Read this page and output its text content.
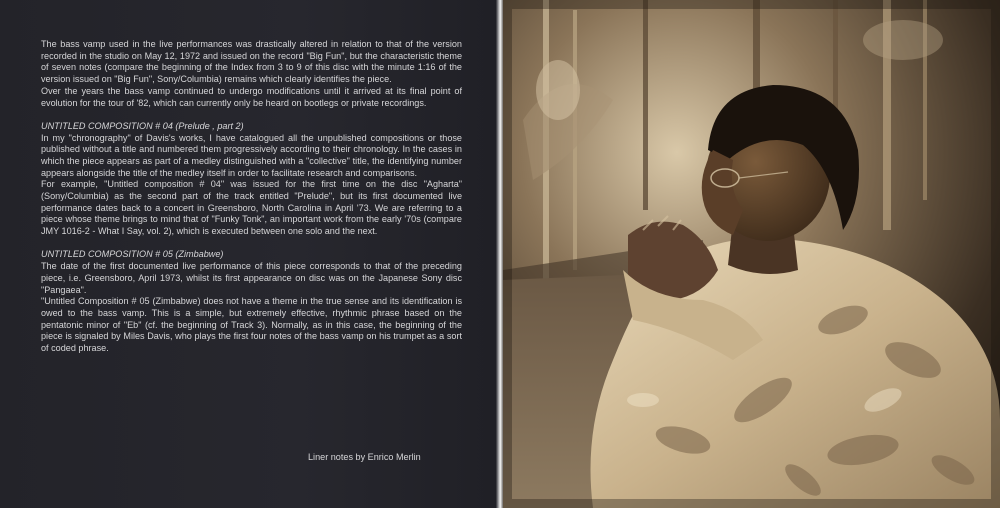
The bass vamp used in the live performances was drastically altered in relation to that of the version recorded in the studio on May 12, 1972 and issued on the record "Big Fun", but the characteristic theme of seven notes (compare the beginning of the Index from 3 to 9 of this disc with the minute 1:16 of the version issued on "Big Fun", Sony/Columbia) remains which clearly identifies the piece.

Over the years the bass vamp continued to undergo modifications until it arrived at its final point of evolution for the tour of '82, which can currently only be heard on bootlegs or private recordings.

UNTITLED COMPOSITION # 04 (Prelude , part 2)

In my "chronography" of Davis's works, I have catalogued all the unpublished compositions or those published without a title and numbered them progressively according to their chronology. In the cases in which the piece appears as part of a medley distinguished with a "collective" title, the identifying number appears alongside the title of the medley itself in order to facilitate research and comparisons.

For example, "Untitled composition # 04" was issued for the first time on the disc "Agharta" (Sony/Columbia) as the second part of the track entitled "Prelude", but its first documented live performance dates back to a concert in Greensboro, North Carolina in April '73. We are referring to a piece whose theme brings to mind that of "Funky Tonk", an important work from the early '70s (compare JMY 1016-2 - What I Say, vol. 2), which is executed between one solo and the next.

UNTITLED COMPOSITION # 05 (Zimbabwe)

The date of the first documented live performance of this piece corresponds to that of the preceding piece, i.e. Greensboro, April 1973, whilst its first appearance on disc was on the Japanese Sony disc "Pangaea".

"Untitled Composition # 05 (Zimbabwe) does not have a theme in the true sense and its identification is owed to the bass vamp. This is a simple, but extremely effective, rhythmic phrase based on the pentatonic minor of "Eb" (cf. the beginning of Track 3). Normally, as in this case, the beginning of the piece is signaled by Miles Davis, who plays the first four notes of the bass vamp on his trumpet as a sort of coded phrase.

Liner notes by Enrico Merlin
